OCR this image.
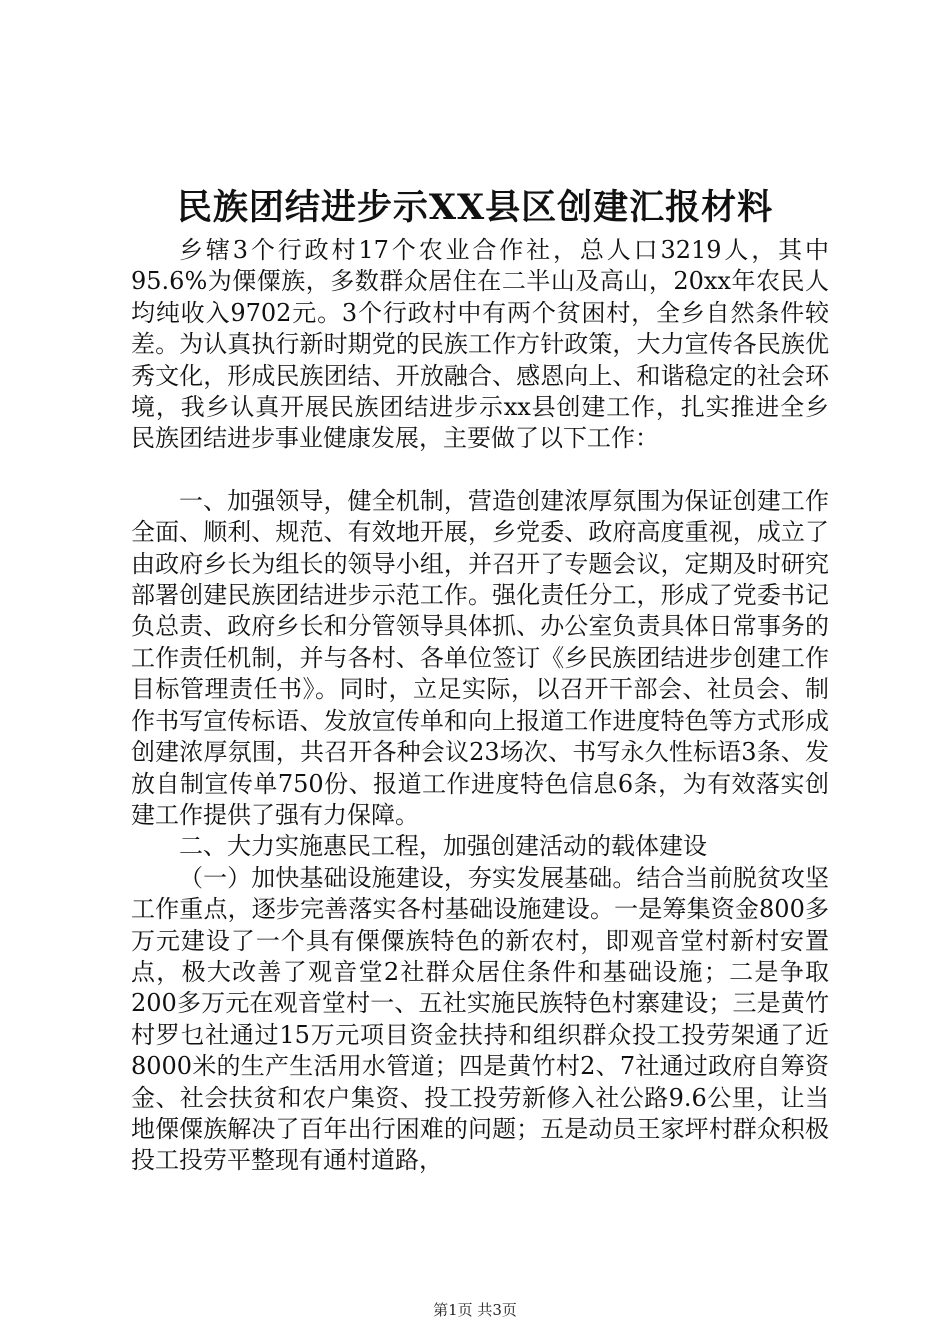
民族团结进步示XX县区创建汇报材料

乡辖3个行政村17个农业合作社，总人口3219人，其中95.6%为傈僳族，多数群众居住在二半山及高山，20xx年农民人均纯收入9702元。3个行政村中有两个贫困村，全乡自然条件较差。为认真执行新时期党的民族工作方针政策，大力宣传各民族优秀文化，形成民族团结、开放融合、感恩向上、和谐稳定的社会环境，我乡认真开展民族团结进步示xx县创建工作，扎实推进全乡民族团结进步事业健康发展，主要做了以下工作：

一、加强领导，健全机制，营造创建浓厚氛围为保证创建工作全面、顺利、规范、有效地开展，乡党委、政府高度重视，成立了由政府乡长为组长的领导小组，并召开了专题会议，定期及时研究部署创建民族团结进步示范工作。强化责任分工，形成了党委书记负总责、政府乡长和分管领导具体抓、办公室负责具体日常事务的工作责任机制，并与各村、各单位签订《乡民族团结进步创建工作目标管理责任书》。同时，立足实际，以召开干部会、社员会、制作书写宣传标语、发放宣传单和向上报道工作进度特色等方式形成创建浓厚氛围，共召开各种会议23场次、书写永久性标语3条、发放自制宣传单750份、报道工作进度特色信息6条，为有效落实创建工作提供了强有力保障。

二、大力实施惠民工程，加强创建活动的载体建设

（一）加快基础设施建设，夯实发展基础。结合当前脱贫攻坚工作重点，逐步完善落实各村基础设施建设。一是筹集资金800多万元建设了一个具有傈僳族特色的新农村，即观音堂村新村安置点，极大改善了观音堂2社群众居住条件和基础设施；二是争取200多万元在观音堂村一、五社实施民族特色村寨建设；三是黄竹村罗乜社通过15万元项目资金扶持和组织群众投工投劳架通了近8000米的生产生活用水管道；四是黄竹村2、7社通过政府自筹资金、社会扶贫和农户集资、投工投劳新修入社公路9.6公里，让当地傈僳族解决了百年出行困难的问题；五是动员王家坪村群众积极投工投劳平整现有通村道路，

第1页 共3页
